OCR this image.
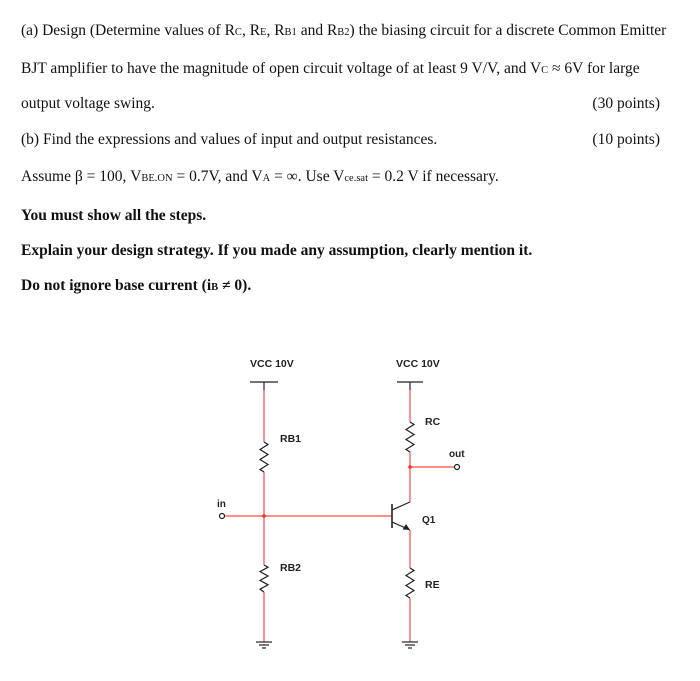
(a) Design (Determine values of RC, RE, RB1 and RB2) the biasing circuit for a discrete Common Emitter
BJT amplifier to have the magnitude of open circuit voltage of at least 9 V/V, and VC ≈ 6V for large
output voltage swing.	(30 points)
(b) Find the expressions and values of input and output resistances.	(10 points)
Assume β = 100, VBE.ON = 0.7V, and VA = ∞. Use Vce.sat = 0.2 V if necessary.
You must show all the steps.
Explain your design strategy. If you made any assumption, clearly mention it.
Do not ignore base current (iB ≠ 0).
VCC 10V	VCC 10V
RB1
RB2
RC
RE
Q1
in
out
